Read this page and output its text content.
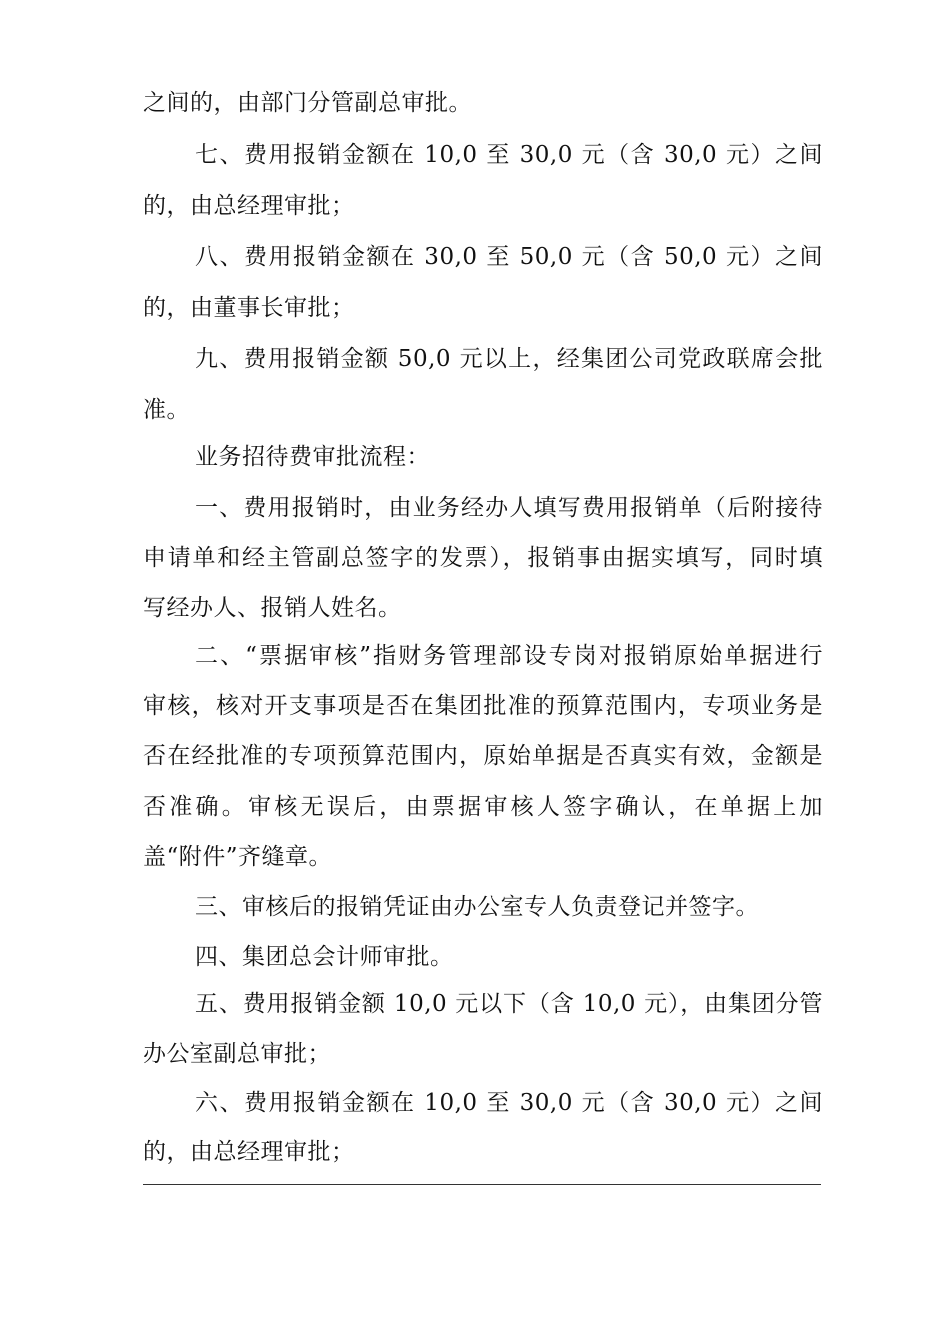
之间的，由部门分管副总审批。
七、费用报销金额在 10,0 至 30,0 元（含 30,0 元）之间
的，由总经理审批；
八、费用报销金额在 30,0 至 50,0 元（含 50,0 元）之间
的，由董事长审批；
九、费用报销金额 50,0 元以上，经集团公司党政联席会批
准。
业务招待费审批流程：
一、费用报销时，由业务经办人填写费用报销单（后附接待
申请单和经主管副总签字的发票），报销事由据实填写，同时填
写经办人、报销人姓名。
二、“票据审核”指财务管理部设专岗对报销原始单据进行
审核，核对开支事项是否在集团批准的预算范围内，专项业务是
否在经批准的专项预算范围内，原始单据是否真实有效，金额是
否准确。审核无误后，由票据审核人签字确认，在单据上加
盖“附件”齐缝章。
三、审核后的报销凭证由办公室专人负责登记并签字。
四、集团总会计师审批。
五、费用报销金额 10,0 元以下（含 10,0 元），由集团分管
办公室副总审批；
六、费用报销金额在 10,0 至 30,0 元（含 30,0 元）之间
的，由总经理审批；
